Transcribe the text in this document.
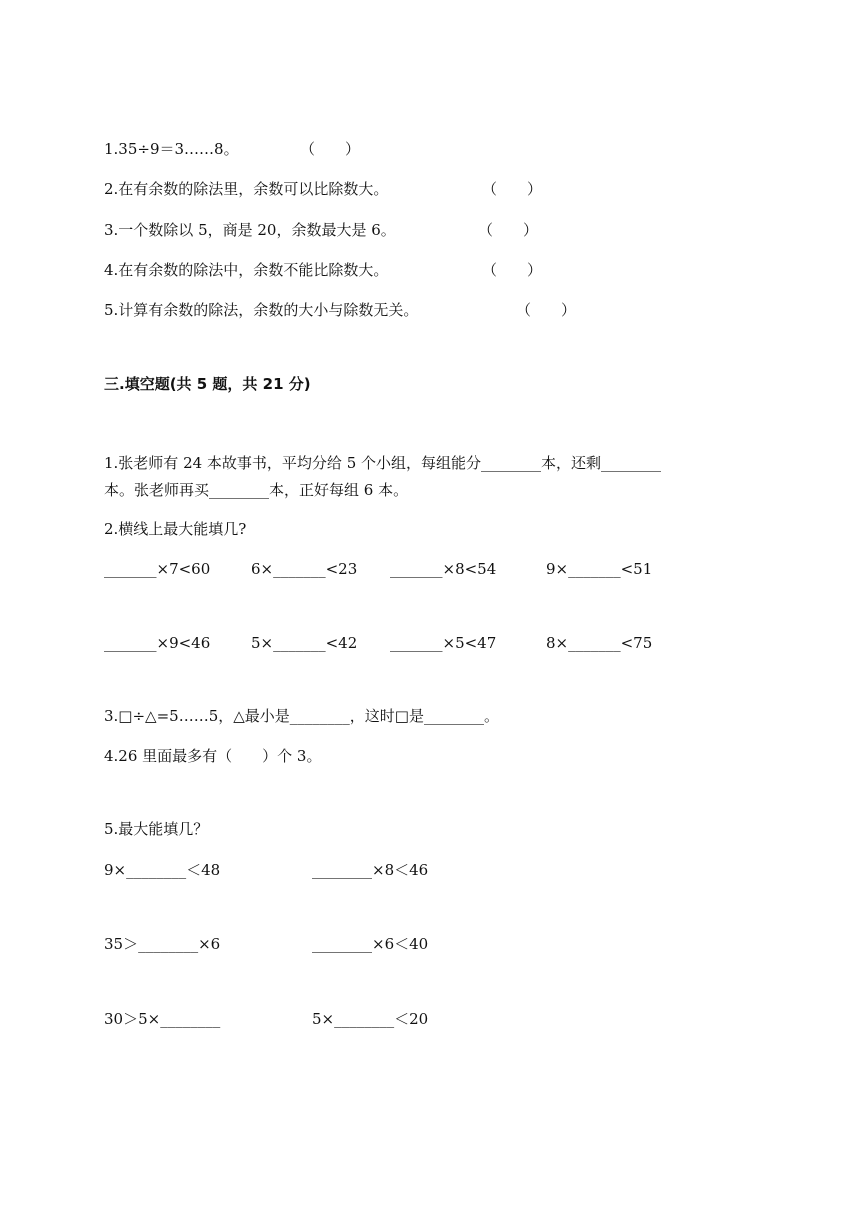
1.35÷9＝3……8。	（　　）
2.在有余数的除法里，余数可以比除数大。	（　　）
3.一个数除以 5，商是 20，余数最大是 6。	（　　）
4.在有余数的除法中，余数不能比除数大。	（　　）
5.计算有余数的除法，余数的大小与除数无关。	（　　）
三.填空题(共 5 题，共 21 分)
1.张老师有 24 本故事书，平均分给 5 个小组，每组能分________本，还剩________
本。张老师再买________本，正好每组 6 本。
2.横线上最大能填几?
_______×7<60	6×_______<23 _______×8<54	9×_______<51
_______×9<46	5×_______<42 _______×5<47	8×_______<75
3.□÷△=5……5，△最小是________，这时□是________。
4.26 里面最多有（　　）个 3。
5.最大能填几？
9×________＜48	________×8＜46
35＞________×6	________×6＜40
30＞5×________	5×________＜20
